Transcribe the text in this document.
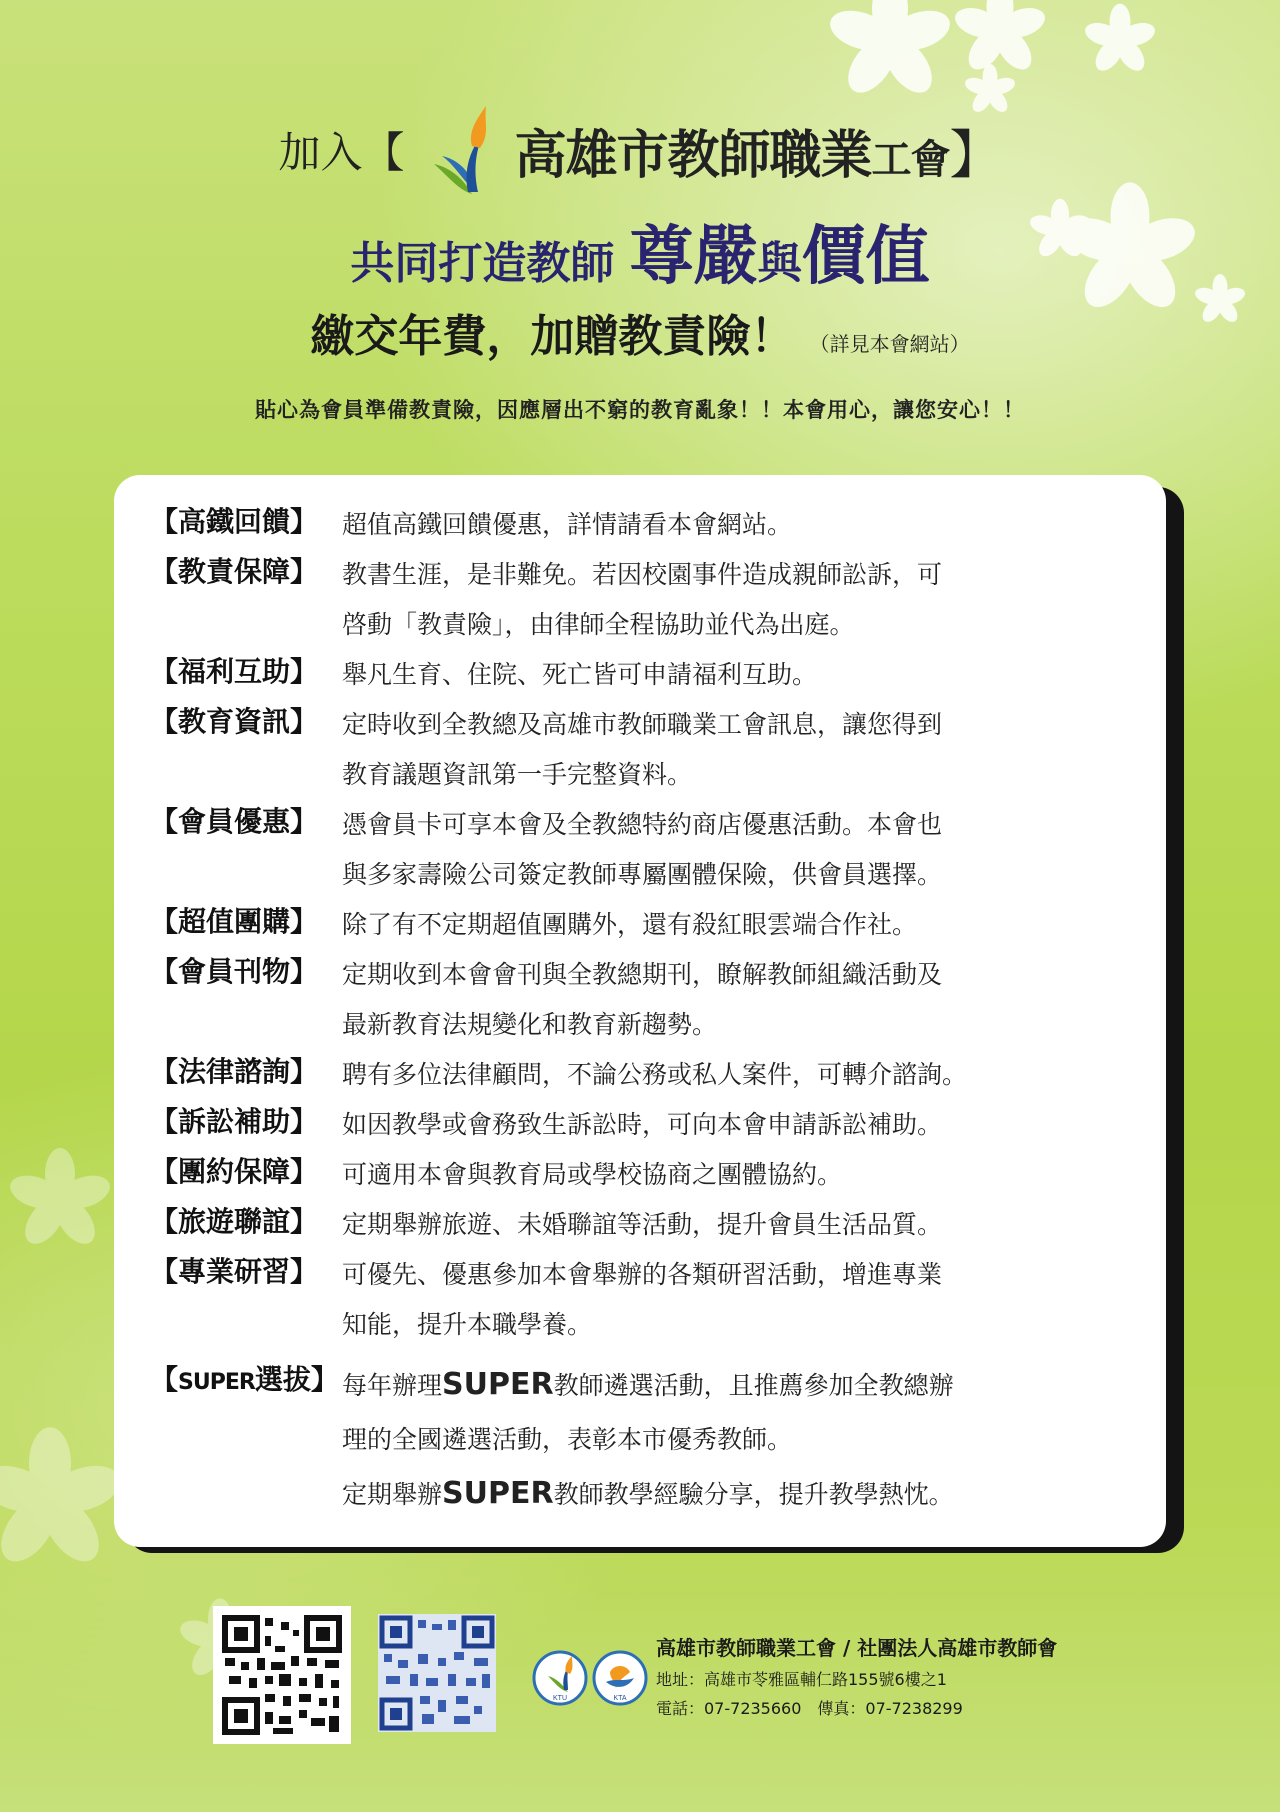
加入【 高雄市教師職業工會 】
共同打造教師 尊嚴與價值
繳交年費，加贈教責險！ （詳見本會網站）
貼心為會員準備教責險，因應層出不窮的教育亂象！！本會用心，讓您安心！！
【高鐵回饋】 超值高鐵回饋優惠，詳情請看本會網站。
【教責保障】 教書生涯，是非難免。若因校園事件造成親師訟訴，可
啓動「教責險」，由律師全程協助並代為出庭。
【福利互助】 舉凡生育、住院、死亡皆可申請福利互助。
【教育資訊】 定時收到全教總及高雄市教師職業工會訊息，讓您得到
教育議題資訊第一手完整資料。
【會員優惠】 憑會員卡可享本會及全教總特約商店優惠活動。本會也
與多家壽險公司簽定教師專屬團體保險，供會員選擇。
【超值團購】 除了有不定期超值團購外，還有殺紅眼雲端合作社。
【會員刊物】 定期收到本會會刊與全教總期刊，瞭解教師組織活動及
最新教育法規變化和教育新趨勢。
【法律諮詢】 聘有多位法律顧問，不論公務或私人案件，可轉介諮詢。
【訴訟補助】 如因教學或會務致生訴訟時，可向本會申請訴訟補助。
【團約保障】 可適用本會與教育局或學校協商之團體協約。
【旅遊聯誼】 定期舉辦旅遊、未婚聯誼等活動，提升會員生活品質。
【專業研習】 可優先、優惠參加本會舉辦的各類研習活動，增進專業
知能，提升本職學養。
【SUPER選拔】 每年辦理SUPER教師遴選活動，且推薦參加全教總辦
理的全國遴選活動，表彰本市優秀教師。
定期舉辦SUPER教師教學經驗分享，提升教學熱忱。
KTU	KTA
高雄市教師職業工會 / 社團法人高雄市教師會
地址：高雄市苓雅區輔仁路155號6樓之1
電話：07-7235660　傳真：07-7238299
